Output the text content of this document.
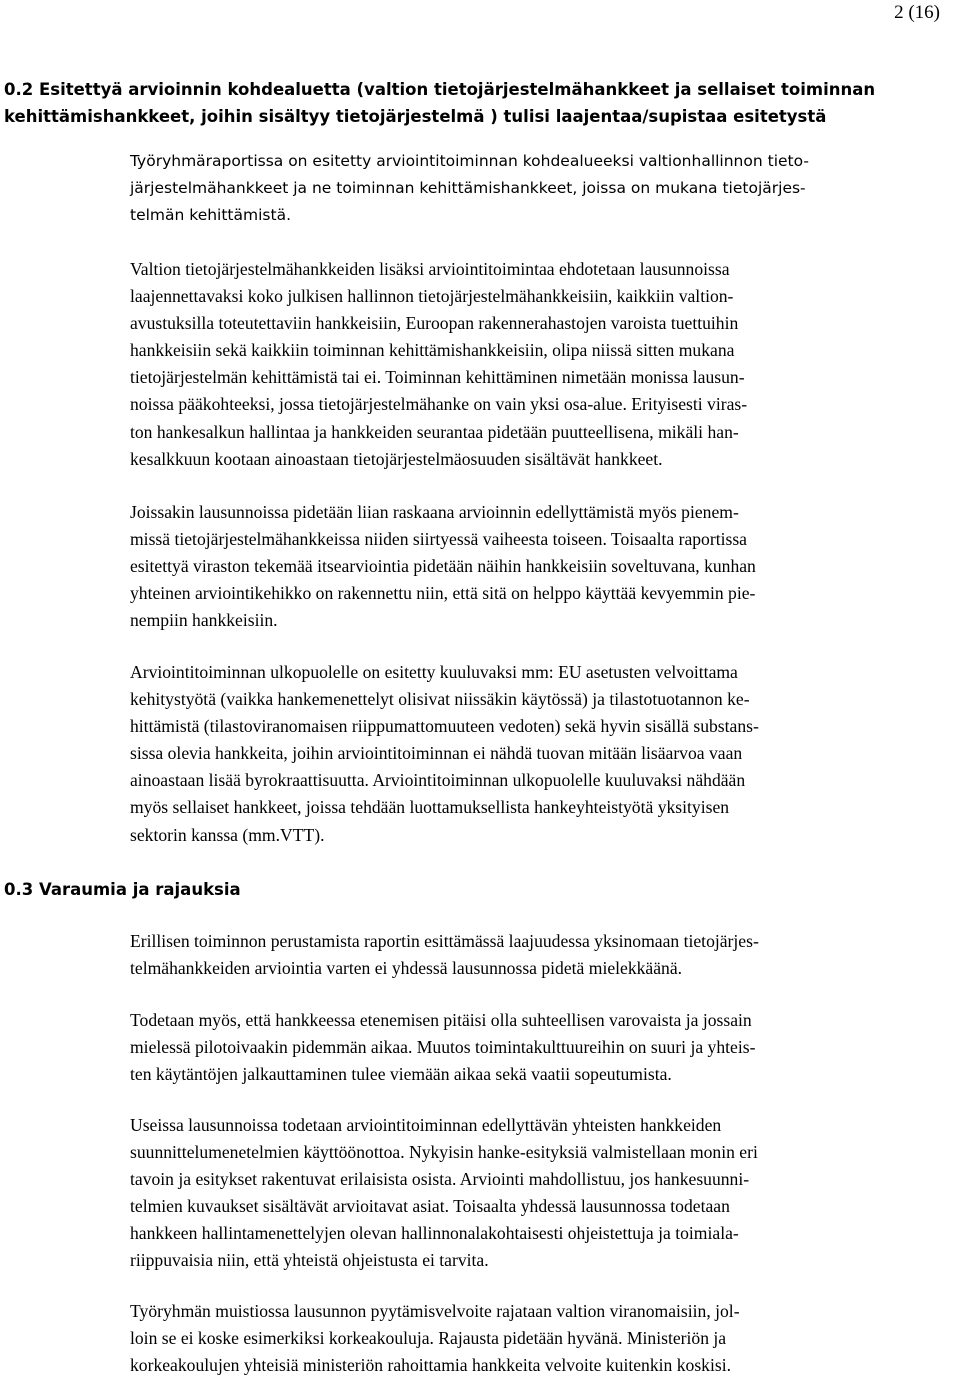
2 (16)
0.2 Esitettyä arvioinnin kohdealuetta (valtion tietojärjestelmähankkeet ja sellaiset toiminnan
kehittämishankkeet, joihin sisältyy tietojärjestelmä ) tulisi laajentaa/supistaa esitetystä
Työryhmäraportissa on esitetty arviointitoiminnan kohdealueeksi valtionhallinnon tieto-
järjestelmähankkeet ja ne toiminnan kehittämishankkeet, joissa on mukana tietojärjes-
telmän kehittämistä.
Valtion tietojärjestelmähankkeiden lisäksi arviointitoimintaa ehdotetaan lausunnoissa
laajennettavaksi koko julkisen hallinnon tietojärjestelmähankkeisiin, kaikkiin valtion-
avustuksilla toteutettaviin hankkeisiin, Euroopan rakennerahastojen varoista tuettuihin
hankkeisiin sekä kaikkiin toiminnan kehittämishankkeisiin, olipa niissä sitten mukana
tietojärjestelmän kehittämistä tai ei. Toiminnan kehittäminen nimetään monissa lausun-
noissa pääkohteeksi, jossa tietojärjestelmähanke on vain yksi osa-alue. Erityisesti viras-
ton hankesalkun hallintaa ja hankkeiden seurantaa pidetään puutteellisena, mikäli han-
kesalkkuun kootaan ainoastaan tietojärjestelmäosuuden sisältävät hankkeet.
Joissakin lausunnoissa pidetään liian raskaana arvioinnin edellyttämistä myös pienem-
missä tietojärjestelmähankkeissa niiden siirtyessä vaiheesta toiseen. Toisaalta raportissa
esitettyä viraston tekemää itsearviointia pidetään näihin hankkeisiin soveltuvana, kunhan
yhteinen arviointikehikko on rakennettu niin, että sitä on helppo käyttää kevyemmin pie-
nempiin hankkeisiin.
Arviointitoiminnan ulkopuolelle on esitetty kuuluvaksi mm: EU asetusten velvoittama
kehitystyötä (vaikka hankemenettelyt olisivat niissäkin käytössä) ja tilastotuotannon ke-
hittämistä (tilastoviranomaisen riippumattomuuteen vedoten) sekä hyvin sisällä substans-
sissa olevia hankkeita, joihin arviointitoiminnan ei nähdä tuovan mitään lisäarvoa vaan
ainoastaan lisää byrokraattisuutta. Arviointitoiminnan ulkopuolelle kuuluvaksi nähdään
myös sellaiset hankkeet, joissa tehdään luottamuksellista hankeyhteistyötä yksityisen
sektorin kanssa (mm.VTT).
0.3 Varaumia ja rajauksia
Erillisen toiminnon perustamista raportin esittämässä laajuudessa yksinomaan tietojärjes-
telmähankkeiden arviointia varten ei yhdessä lausunnossa pidetä mielekkäänä.
Todetaan myös, että hankkeessa etenemisen pitäisi olla suhteellisen varovaista ja jossain
mielessä pilotoivaakin pidemmän aikaa. Muutos toimintakulttuureihin on suuri ja yhteis-
ten käytäntöjen jalkauttaminen tulee viemään aikaa sekä vaatii sopeutumista.
Useissa lausunnoissa todetaan arviointitoiminnan edellyttävän yhteisten hankkeiden
suunnittelumenetelmien käyttöönottoa. Nykyisin hanke-esityksiä valmistellaan monin eri
tavoin ja esitykset rakentuvat erilaisista osista. Arviointi mahdollistuu, jos hankesuunni-
telmien kuvaukset sisältävät arvioitavat asiat. Toisaalta yhdessä lausunnossa todetaan
hankkeen hallintamenettelyjen olevan hallinnonalakohtaisesti ohjeistettuja ja toimiala-
riippuvaisia niin, että yhteistä ohjeistusta ei tarvita.
Työryhmän muistiossa lausunnon pyytämisvelvoite rajataan valtion viranomaisiin, jol-
loin se ei koske esimerkiksi korkeakouluja. Rajausta pidetään hyvänä. Ministeriön ja
korkeakoulujen yhteisiä ministeriön rahoittamia hankkeita velvoite kuitenkin koskisi.
